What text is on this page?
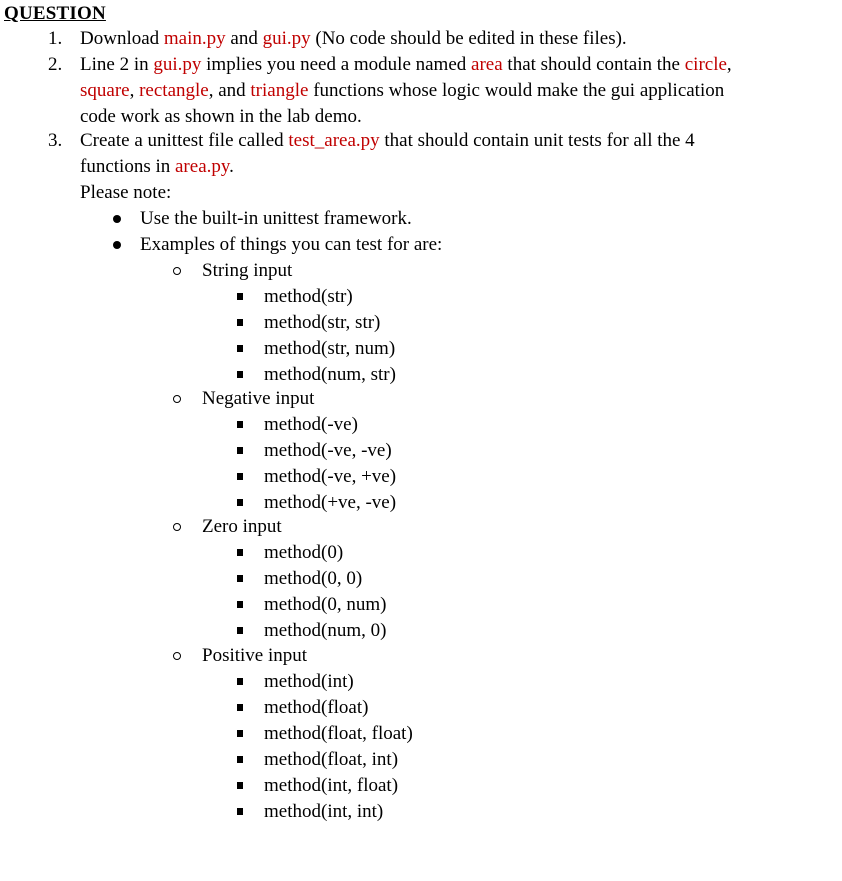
QUESTION
1. Download main.py and gui.py (No code should be edited in these files).
2. Line 2 in gui.py implies you need a module named area that should contain the circle,
square, rectangle, and triangle functions whose logic would make the gui application
code work as shown in the lab demo.
3. Create a unittest file called test_area.py that should contain unit tests for all the 4
functions in area.py.
Please note:
Use the built-in unittest framework.
Examples of things you can test for are:
String input
method(str)
method(str, str)
method(str, num)
method(num, str)
Negative input
method(-ve)
method(-ve, -ve)
method(-ve, +ve)
method(+ve, -ve)
Zero input
method(0)
method(0, 0)
method(0, num)
method(num, 0)
Positive input
method(int)
method(float)
method(float, float)
method(float, int)
method(int, float)
method(int, int)
